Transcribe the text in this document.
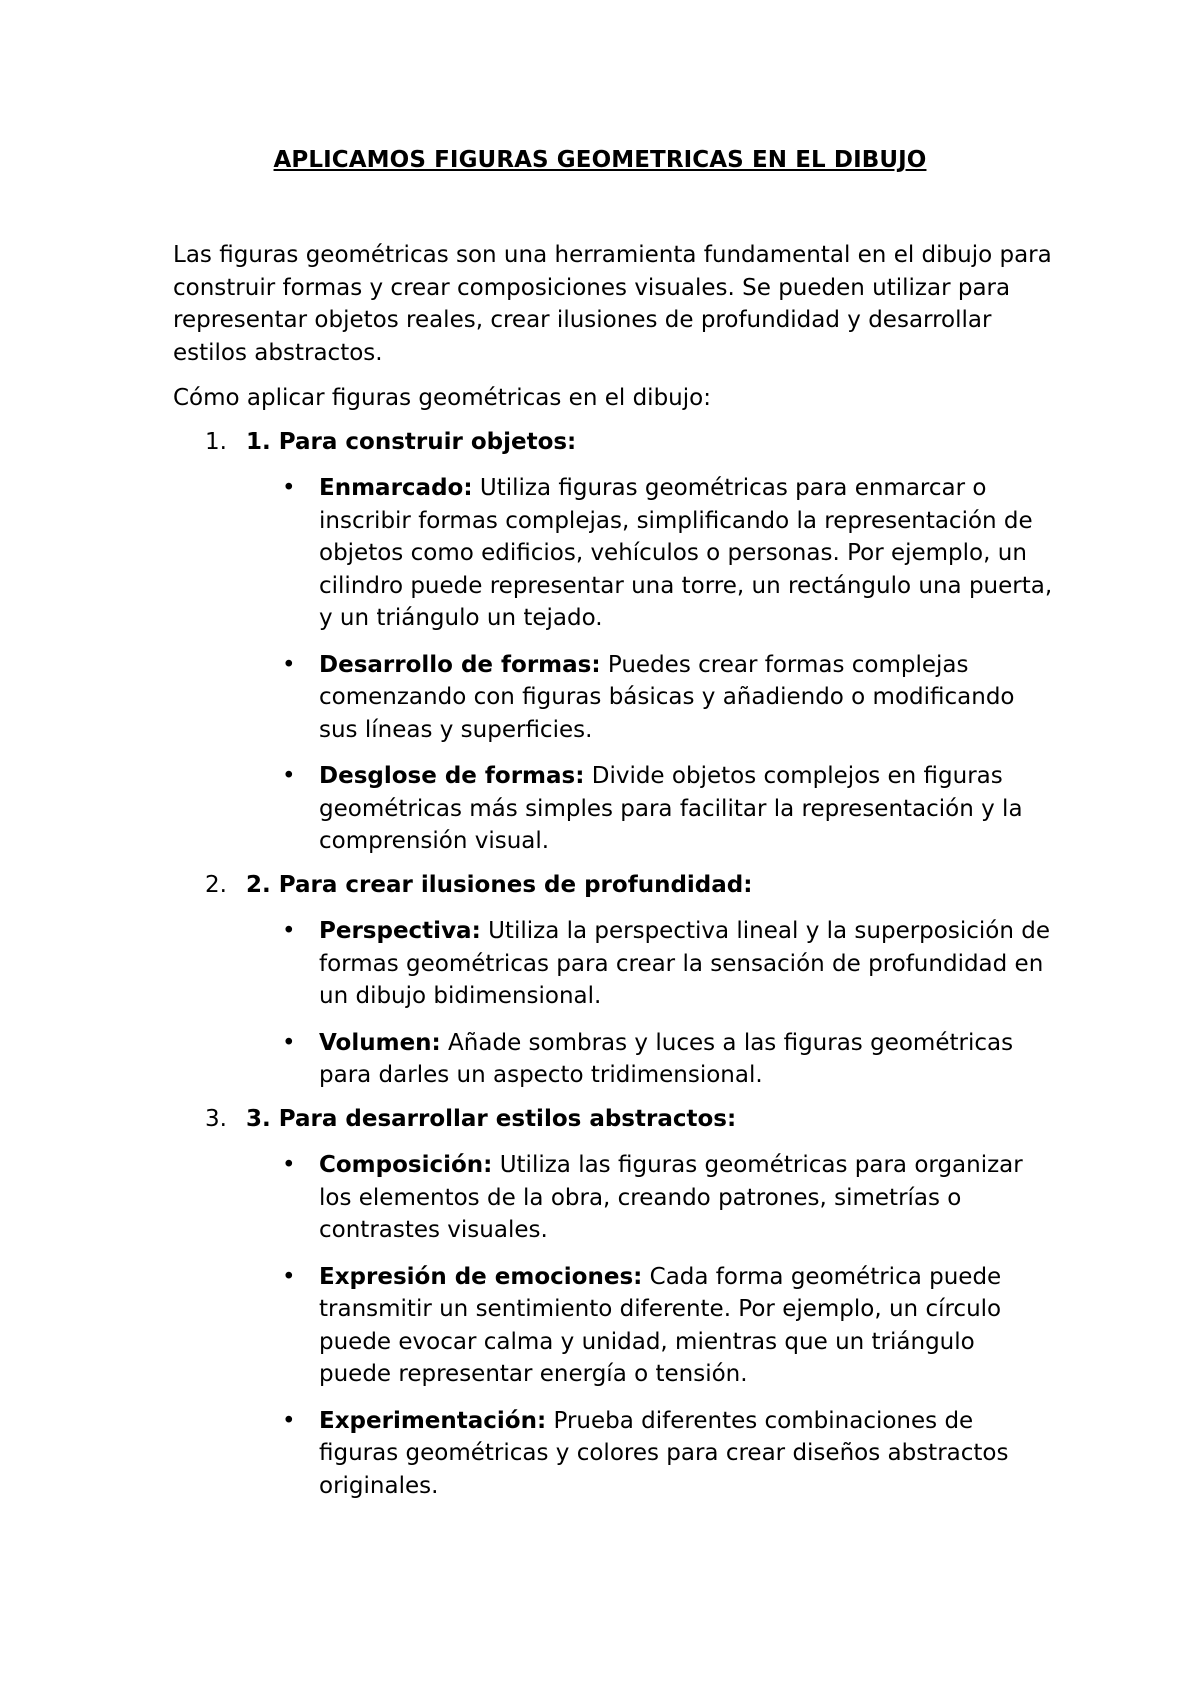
APLICAMOS FIGURAS GEOMETRICAS EN EL DIBUJO

Las figuras geométricas son una herramienta fundamental en el dibujo para construir formas y crear composiciones visuales. Se pueden utilizar para representar objetos reales, crear ilusiones de profundidad y desarrollar estilos abstractos.

Cómo aplicar figuras geométricas en el dibujo:

1. 1. Para construir objetos:
• Enmarcado: Utiliza figuras geométricas para enmarcar o inscribir formas complejas, simplificando la representación de objetos como edificios, vehículos o personas. Por ejemplo, un cilindro puede representar una torre, un rectángulo una puerta, y un triángulo un tejado.
• Desarrollo de formas: Puedes crear formas complejas comenzando con figuras básicas y añadiendo o modificando sus líneas y superficies.
• Desglose de formas: Divide objetos complejos en figuras geométricas más simples para facilitar la representación y la comprensión visual.
2. 2. Para crear ilusiones de profundidad:
• Perspectiva: Utiliza la perspectiva lineal y la superposición de formas geométricas para crear la sensación de profundidad en un dibujo bidimensional.
• Volumen: Añade sombras y luces a las figuras geométricas para darles un aspecto tridimensional.
3. 3. Para desarrollar estilos abstractos:
• Composición: Utiliza las figuras geométricas para organizar los elementos de la obra, creando patrones, simetrías o contrastes visuales.
• Expresión de emociones: Cada forma geométrica puede transmitir un sentimiento diferente. Por ejemplo, un círculo puede evocar calma y unidad, mientras que un triángulo puede representar energía o tensión.
• Experimentación: Prueba diferentes combinaciones de figuras geométricas y colores para crear diseños abstractos originales.
